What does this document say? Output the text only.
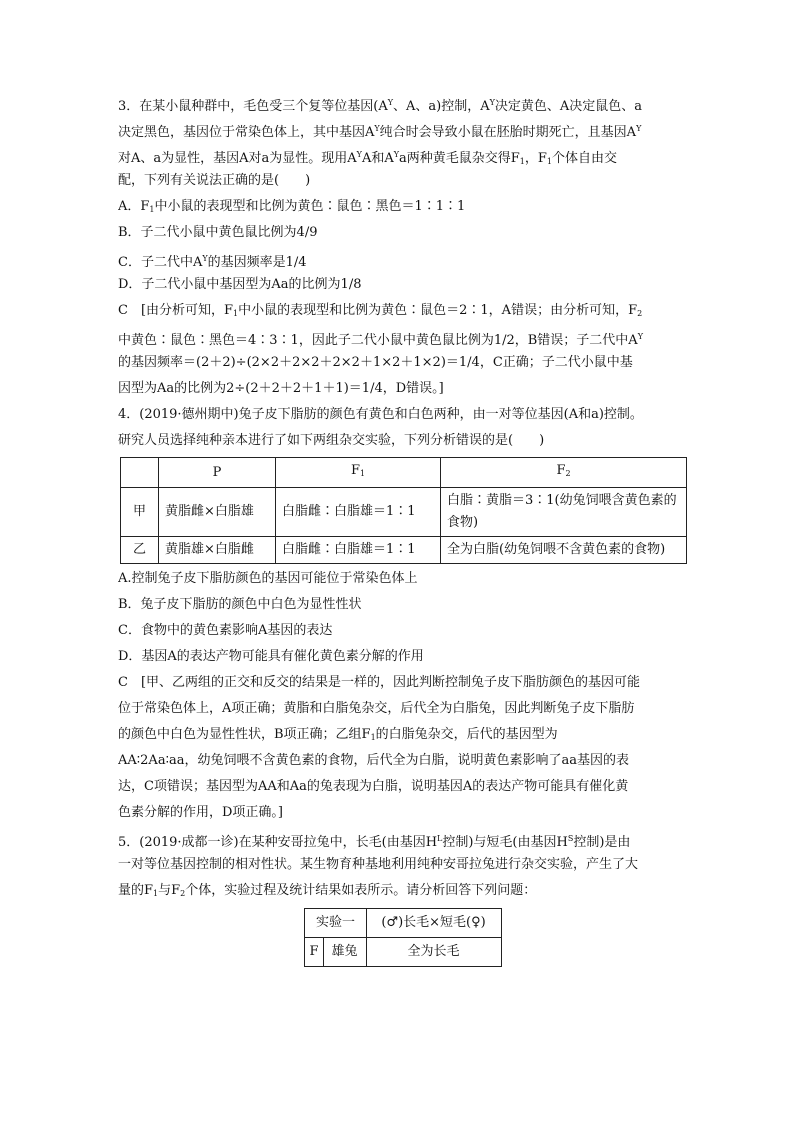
3．在某小鼠种群中，毛色受三个复等位基因($A^Y$、A、a)控制，$A^Y$决定黄色、A决定鼠色、a
决定黑色，基因位于常染色体上，其中基因$A^Y$纯合时会导致小鼠在胚胎时期死亡，且基因$A^Y$
对A、a为显性，基因A对a为显性。现用$A^YA$和$A^Ya$两种黄毛鼠杂交得$F_1$，$F_1$个体自由交
配，下列有关说法正确的是(　　)
A．$F_1$中小鼠的表现型和比例为黄色∶鼠色∶黑色＝1∶1∶1
B．子二代小鼠中黄色鼠比例为4/9
C．子二代中$A^Y$的基因频率是1/4
D．子二代小鼠中基因型为Aa的比例为1/8
C　[由分析可知，$F_1$中小鼠的表现型和比例为黄色∶鼠色＝2∶1，A错误；由分析可知，$F_2$
中黄色∶鼠色∶黑色＝4∶3∶1，因此子二代小鼠中黄色鼠比例为1/2，B错误；子二代中$A^Y$
的基因频率＝(2＋2)÷(2×2＋2×2＋2×2＋1×2＋1×2)＝1/4，C正确；子二代小鼠中基
因型为Aa的比例为2÷(2＋2＋2＋1＋1)＝1/4，D错误。]
4．(2019·德州期中)兔子皮下脂肪的颜色有黄色和白色两种，由一对等位基因(A和a)控制。
研究人员选择纯种亲本进行了如下两组杂交实验，下列分析错误的是(　　)
	P	$F_1$	$F_2$
甲	黄脂雌×白脂雄	白脂雌∶白脂雄＝1∶1	白脂∶黄脂＝3∶1(幼兔饲喂含黄色素的食物)
乙	黄脂雄×白脂雌	白脂雌∶白脂雄＝1∶1	全为白脂(幼兔饲喂不含黄色素的食物)
A.控制兔子皮下脂肪颜色的基因可能位于常染色体上
B．兔子皮下脂肪的颜色中白色为显性性状
C．食物中的黄色素影响A基因的表达
D．基因A的表达产物可能具有催化黄色素分解的作用
C　[甲、乙两组的正交和反交的结果是一样的，因此判断控制兔子皮下脂肪颜色的基因可能
位于常染色体上，A项正确；黄脂和白脂兔杂交，后代全为白脂兔，因此判断兔子皮下脂肪
的颜色中白色为显性性状，B项正确；乙组$F_1$的白脂兔杂交，后代的基因型为
AA∶2Aa∶aa，幼兔饲喂不含黄色素的食物，后代全为白脂，说明黄色素影响了aa基因的表
达，C项错误；基因型为AA和Aa的兔表现为白脂，说明基因A的表达产物可能具有催化黄
色素分解的作用，D项正确。]
5．(2019·成都一诊)在某种安哥拉兔中，长毛(由基因$H^L$控制)与短毛(由基因$H^S$控制)是由
一对等位基因控制的相对性状。某生物育种基地利用纯种安哥拉兔进行杂交实验，产生了大
量的$F_1$与$F_2$个体，实验过程及统计结果如表所示。请分析回答下列问题：
实验一		(♂)长毛×短毛(♀)
F	雄兔	全为长毛
